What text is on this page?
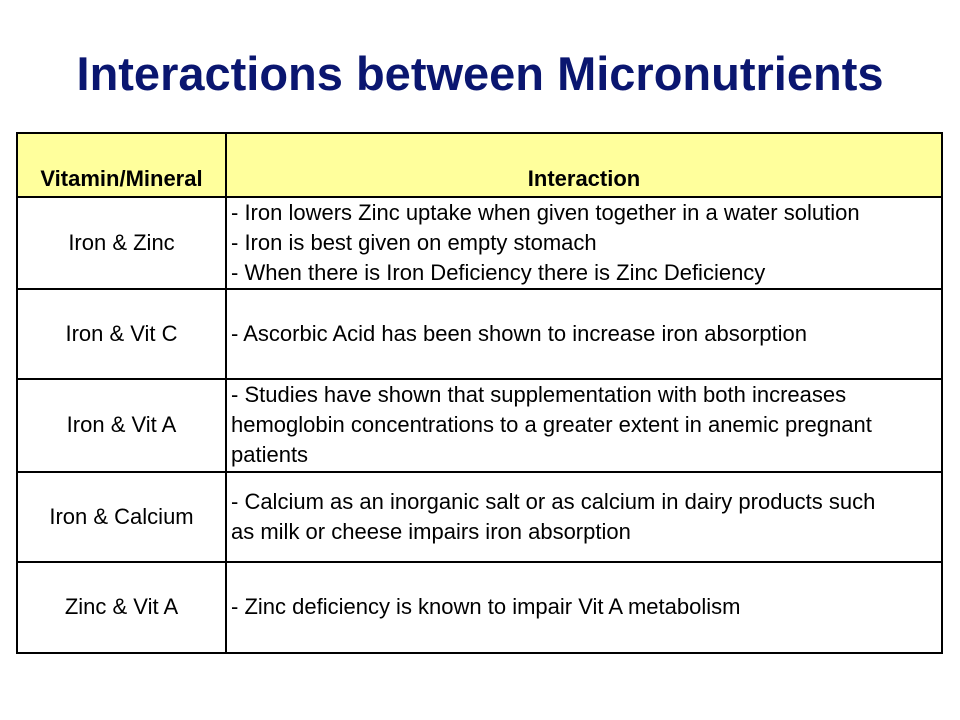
Interactions between Micronutrients
Vitamin/Mineral	Interaction
Iron & Zinc	- Iron lowers Zinc uptake when given together in a water solution
- Iron is best given on empty stomach
- When there is Iron Deficiency there is Zinc Deficiency

Iron & Vit C	- Ascorbic Acid has been shown to increase iron absorption

Iron & Vit A	- Studies have shown that supplementation with both increases
hemoglobin concentrations to a greater extent in anemic pregnant
patients

Iron & Calcium	- Calcium as an inorganic salt or as calcium in dairy products such
as milk or cheese impairs iron absorption

Zinc & Vit A	- Zinc deficiency is known to impair Vit A metabolism
